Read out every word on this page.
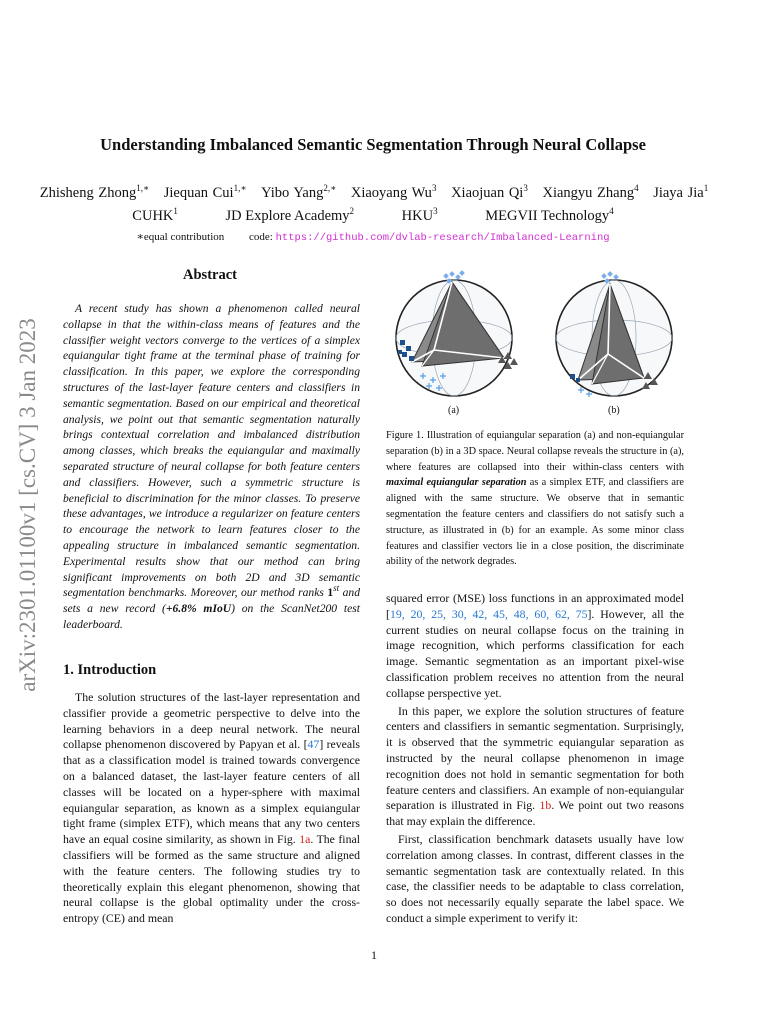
arXiv:2301.01100v1 [cs.CV] 3 Jan 2023
Understanding Imbalanced Semantic Segmentation Through Neural Collapse
Zhisheng Zhong$^{1,∗}$ Jiequan Cui$^{1,∗}$ Yibo Yang$^{2,∗}$ Xiaoyang Wu$^3$ Xiaojuan Qi$^3$ Xiangyu Zhang$^4$ Jiaya Jia$^1$
CUHK$^1$	JD Explore Academy$^2$	HKU$^3$	MEGVII Technology$^4$
∗equal contribution code: https://github.com/dvlab-research/Imbalanced-Learning
Abstract

A recent study has shown a phenomenon called neural collapse in that the within-class means of features and the classifier weight vectors converge to the vertices of a simplex equiangular tight frame at the terminal phase of training for classification. In this paper, we explore the corresponding structures of the last-layer feature centers and classifiers in semantic segmentation. Based on our empirical and theoretical analysis, we point out that semantic segmentation naturally brings contextual correlation and imbalanced distribution among classes, which breaks the equiangular and maximally separated structure of neural collapse for both feature centers and classifiers. However, such a symmetric structure is beneficial to discrimination for the minor classes. To preserve these advantages, we introduce a regularizer on feature centers to encourage the network to learn features closer to the appealing structure in imbalanced semantic segmentation. Experimental results show that our method can bring significant improvements on both 2D and 3D semantic segmentation benchmarks. Moreover, our method ranks 1st and sets a new record (+6.8% mIoU) on the ScanNet200 test leaderboard.

1. Introduction

The solution structures of the last-layer representation and classifier provide a geometric perspective to delve into the learning behaviors in a deep neural network. The neural collapse phenomenon discovered by Papyan et al. [47] reveals that as a classification model is trained towards convergence on a balanced dataset, the last-layer feature centers of all classes will be located on a hyper-sphere with maximal equiangular separation, as known as a simplex equiangular tight frame (simplex ETF), which means that any two centers have an equal cosine similarity, as shown in Fig. 1a. The final classifiers will be formed as the same structure and aligned with the feature centers. The following studies try to theoretically explain this elegant phenomenon, showing that neural collapse is the global optimality under the cross-entropy (CE) and mean

(a)	(b)

Figure 1. Illustration of equiangular separation (a) and non-equiangular separation (b) in a 3D space. Neural collapse reveals the structure in (a), where features are collapsed into their within-class centers with maximal equiangular separation as a simplex ETF, and classifiers are aligned with the same structure. We observe that in semantic segmentation the feature centers and classifiers do not satisfy such a structure, as illustrated in (b) for an example. As some minor class features and classifier vectors lie in a close position, the discriminate ability of the network degrades.

squared error (MSE) loss functions in an approximated model [19, 20, 25, 30, 42, 45, 48, 60, 62, 75]. However, all the current studies on neural collapse focus on the training in image recognition, which performs classification for each image. Semantic segmentation as an important pixel-wise classification problem receives no attention from the neural collapse perspective yet.

In this paper, we explore the solution structures of feature centers and classifiers in semantic segmentation. Surprisingly, it is observed that the symmetric equiangular separation as instructed by the neural collapse phenomenon in image recognition does not hold in semantic segmentation for both feature centers and classifiers. An example of non-equiangular separation is illustrated in Fig. 1b. We point out two reasons that may explain the difference.

First, classification benchmark datasets usually have low correlation among classes. In contrast, different classes in the semantic segmentation task are contextually related. In this case, the classifier needs to be adaptable to class correlation, so does not necessarily equally separate the label space. We conduct a simple experiment to verify it:

1
